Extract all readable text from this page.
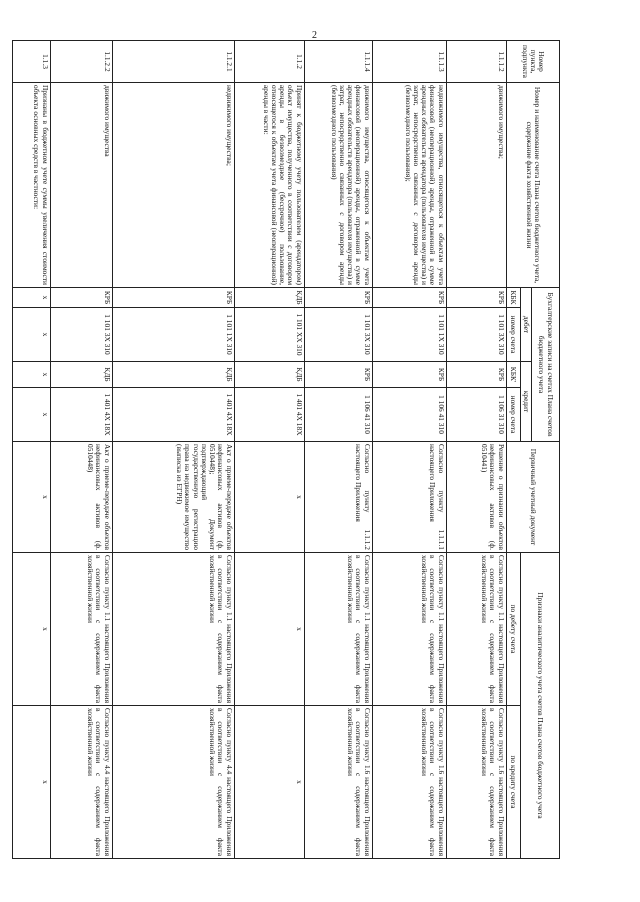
2
Номер пункта, подпункта	Номер и наименование счета Плана счетов бюджетного учета, содержание факта хозяйственной жизни	Бухгалтерские записи на счетах Плана счетов бюджетного учета				Первичный учетный документ	Признаки аналитического учета счетов Плана счетов бюджетного учета	
		дебет		кредит				
		КБК	номер счета	КБК'	номер счета		по дебету счета	по кредиту счета
1.1.1.2	движимого имущества;	КРБ	1 101 3X 310	КРБ	1 106 31 310	Решение о признании объектов нефинансовых активов (ф. 0510441)	Согласно пункту 1.1 настоящего Приложения в соответствии с содержанием факта хозяйственной жизни	Согласно пункту 1.6 настоящего Приложения в соответствии с содержанием факта хозяйственной жизни
1.1.1.3	недвижимого имущества, относящегося к объектам учета финансовой (неоперационной) аренды, отраженной в сумме арендных обязательств арендатора (пользователя имущества) и затрат, непосредственно связанных с договором аренды (безвозмездного пользования);	КРБ	1 101 1X 310	КРБ	1 106 41 310	Согласно пункту 1.1.1.1 настоящего Приложения	Согласно пункту 1.1 настоящего Приложения в соответствии с содержанием факта хозяйственной жизни	Согласно пункту 1.6 настоящего Приложения в соответствии с содержанием факта хозяйственной жизни
1.1.1.4	движимого имущества, относящегося к объектам учета финансовой (неоперационной) аренды, отраженной в сумме арендных обязательств арендатора (пользователя имущества) и затрат, непосредственно связанных с договором аренды (безвозмездного пользования)	КРБ	1 101 3X 310	КРБ	1 106 41 310	Согласно пункту 1.1.1.2 настоящего Приложения	Согласно пункту 1.1 настоящего Приложения в соответствии с содержанием факта хозяйственной жизни	Согласно пункту 1.6 настоящего Приложения в соответствии с содержанием факта хозяйственной жизни
1.1.2	Принят к бюджетному учету пользователем (арендатором) объект имущества, полученного в соответствии с договором аренды в безвозмездное (бессрочное) пользование, относящегося к объектам учета финансовой (неоперационной) аренды в части:	КДБ	1 101 XX 310	КДБ	1 401 4X 18X	x	x	x
1.1.2.1	недвижимого имущества;	КРБ	1 101 1X 310	КДБ	1 401 4X 18X	Акт о приеме-передаче объектов нефинансовых активов (ф. 0510448); Документ подтверждающий государственную регистрацию права на недвижимое имущество (выписка из ЕГРН)	Согласно пункту 1.1 настоящего Приложения в соответствии с содержанием факта хозяйственной жизни	Согласно пункту 4.4 настоящего Приложения в соответствии с содержанием факта хозяйственной жизни
1.1.2.2	движимого имущества	КРБ	1 101 3X 310	КДБ	1 401 4X 18X	Акт о приеме-передаче объектов нефинансовых активов (ф. 0510448)	Согласно пункту 1.1 настоящего Приложения в соответствии с содержанием факта хозяйственной жизни	Согласно пункту 4.4 настоящего Приложения в соответствии с содержанием факта хозяйственной жизни
1.1.3	Признаны в бюджетном учете суммы увеличения стоимости объекта основных средств в частности:	x	x	x	x	x	x	x
